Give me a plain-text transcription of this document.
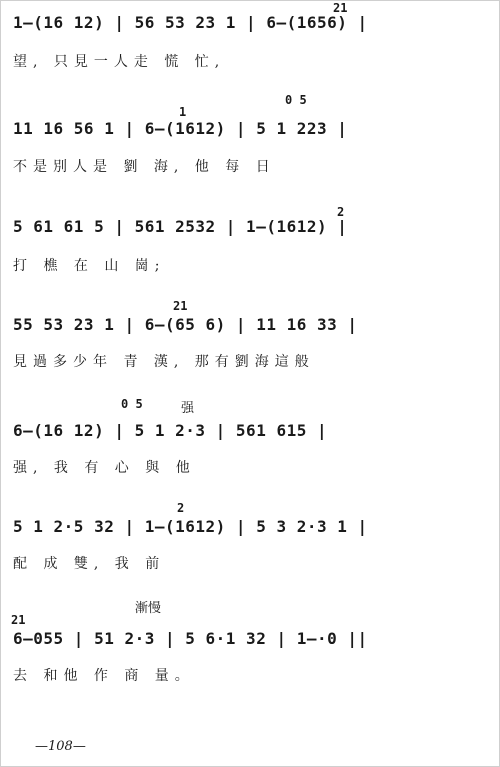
21
1—(16 12) | 56 53 23 1 | 6—(1656) |
望, 只見一人走 慌 忙,
1
0 5
11 16 56 1 | 6—(1612) | 5 1 223 |
不是別人是 劉 海, 他 每 日
2
5 61 61 5 | 561 2532 | 1—(1612) |
打 樵 在 山 崗;
21
55 53 23 1 | 6—(65 6) | 11 16 33 |
見過多少年 青 漢, 那有劉海這般
0 5	强
6—(16 12) | 5 1 2·3 | 561 615 |
强, 我 有 心 與 他
2
5 1 2·5 32 | 1—(1612) | 5 3 2·3 1 |
配 成 雙, 我 前
21
漸慢
6—055 | 51 2·3 | 5 6·1 32 | 1—·0 ||
去 和他 作 商 量。
—108—
